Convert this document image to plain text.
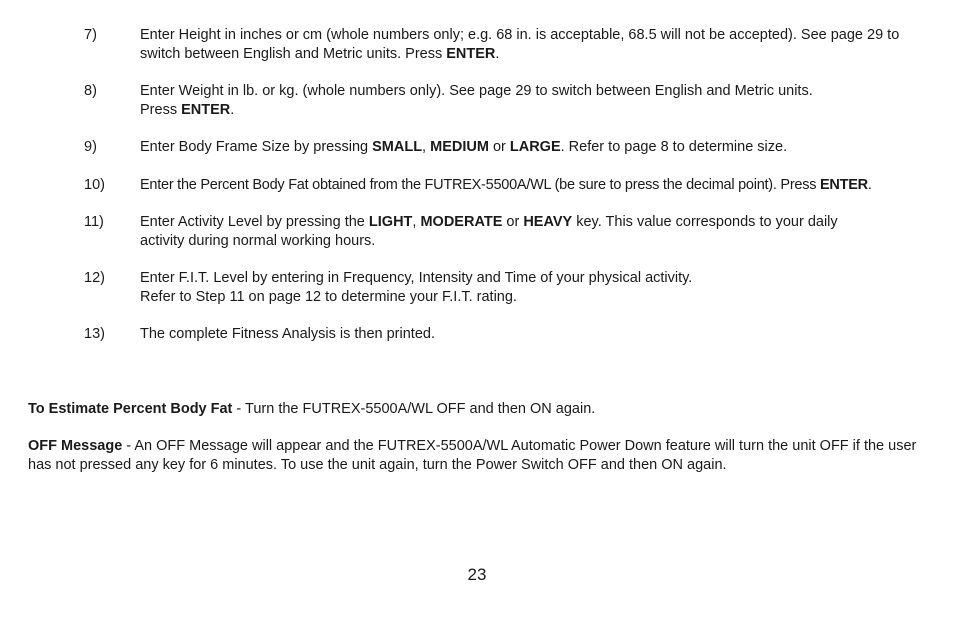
7)	Enter Height in inches or cm (whole numbers only; e.g. 68 in. is acceptable, 68.5 will not be accepted). See page 29 to switch between English and Metric units. Press ENTER.
8)	Enter Weight in lb. or kg. (whole numbers only). See page 29 to switch between English and Metric units.
Press ENTER.
9)	Enter Body Frame Size by pressing SMALL, MEDIUM or LARGE. Refer to page 8 to determine size.
10)	Enter the Percent Body Fat obtained from the FUTREX-5500A/WL (be sure to press the decimal point). Press ENTER.
11)	Enter Activity Level by pressing the LIGHT, MODERATE or HEAVY key. This value corresponds to your daily activity during normal working hours.
12)	Enter F.I.T. Level by entering in Frequency, Intensity and Time of your physical activity.
Refer to Step 11 on page 12 to determine your F.I.T. rating.
13)	The complete Fitness Analysis is then printed.
To Estimate Percent Body Fat - Turn the FUTREX-5500A/WL OFF and then ON again.
OFF Message - An OFF Message will appear and the FUTREX-5500A/WL Automatic Power Down feature will turn the unit OFF if the user has not pressed any key for 6 minutes. To use the unit again, turn the Power Switch OFF and then ON again.
23
